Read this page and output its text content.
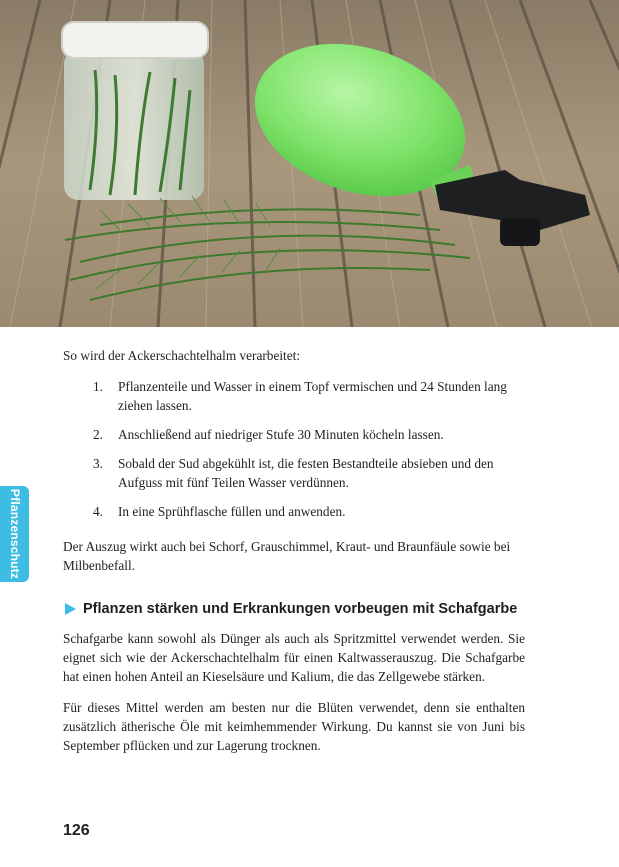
Pflanzenschutz

So wird der Ackerschachtelhalm verarbeitet:

1. Pflanzenteile und Wasser in einem Topf vermischen und 24 Stunden lang ziehen lassen.
2. Anschließend auf niedriger Stufe 30 Minuten köcheln lassen.
3. Sobald der Sud abgekühlt ist, die festen Bestandteile absieben und den Aufguss mit fünf Teilen Wasser verdünnen.
4. In eine Sprühflasche füllen und anwenden.

Der Auszug wirkt auch bei Schorf, Grauschimmel, Kraut- und Braunfäule sowie bei Milbenbefall.

Pflanzen stärken und Erkrankungen vorbeugen mit Schafgarbe

Schafgarbe kann sowohl als Dünger als auch als Spritzmittel verwendet werden. Sie eignet sich wie der Ackerschachtelhalm für einen Kaltwasserauszug. Die Schafgarbe hat einen hohen Anteil an Kieselsäure und Kalium, die das Zellgewebe stärken.

Für dieses Mittel werden am besten nur die Blüten verwendet, denn sie enthalten zusätzlich ätherische Öle mit keimhemmender Wirkung. Du kannst sie von Juni bis September pflücken und zur Lagerung trocknen.

126
